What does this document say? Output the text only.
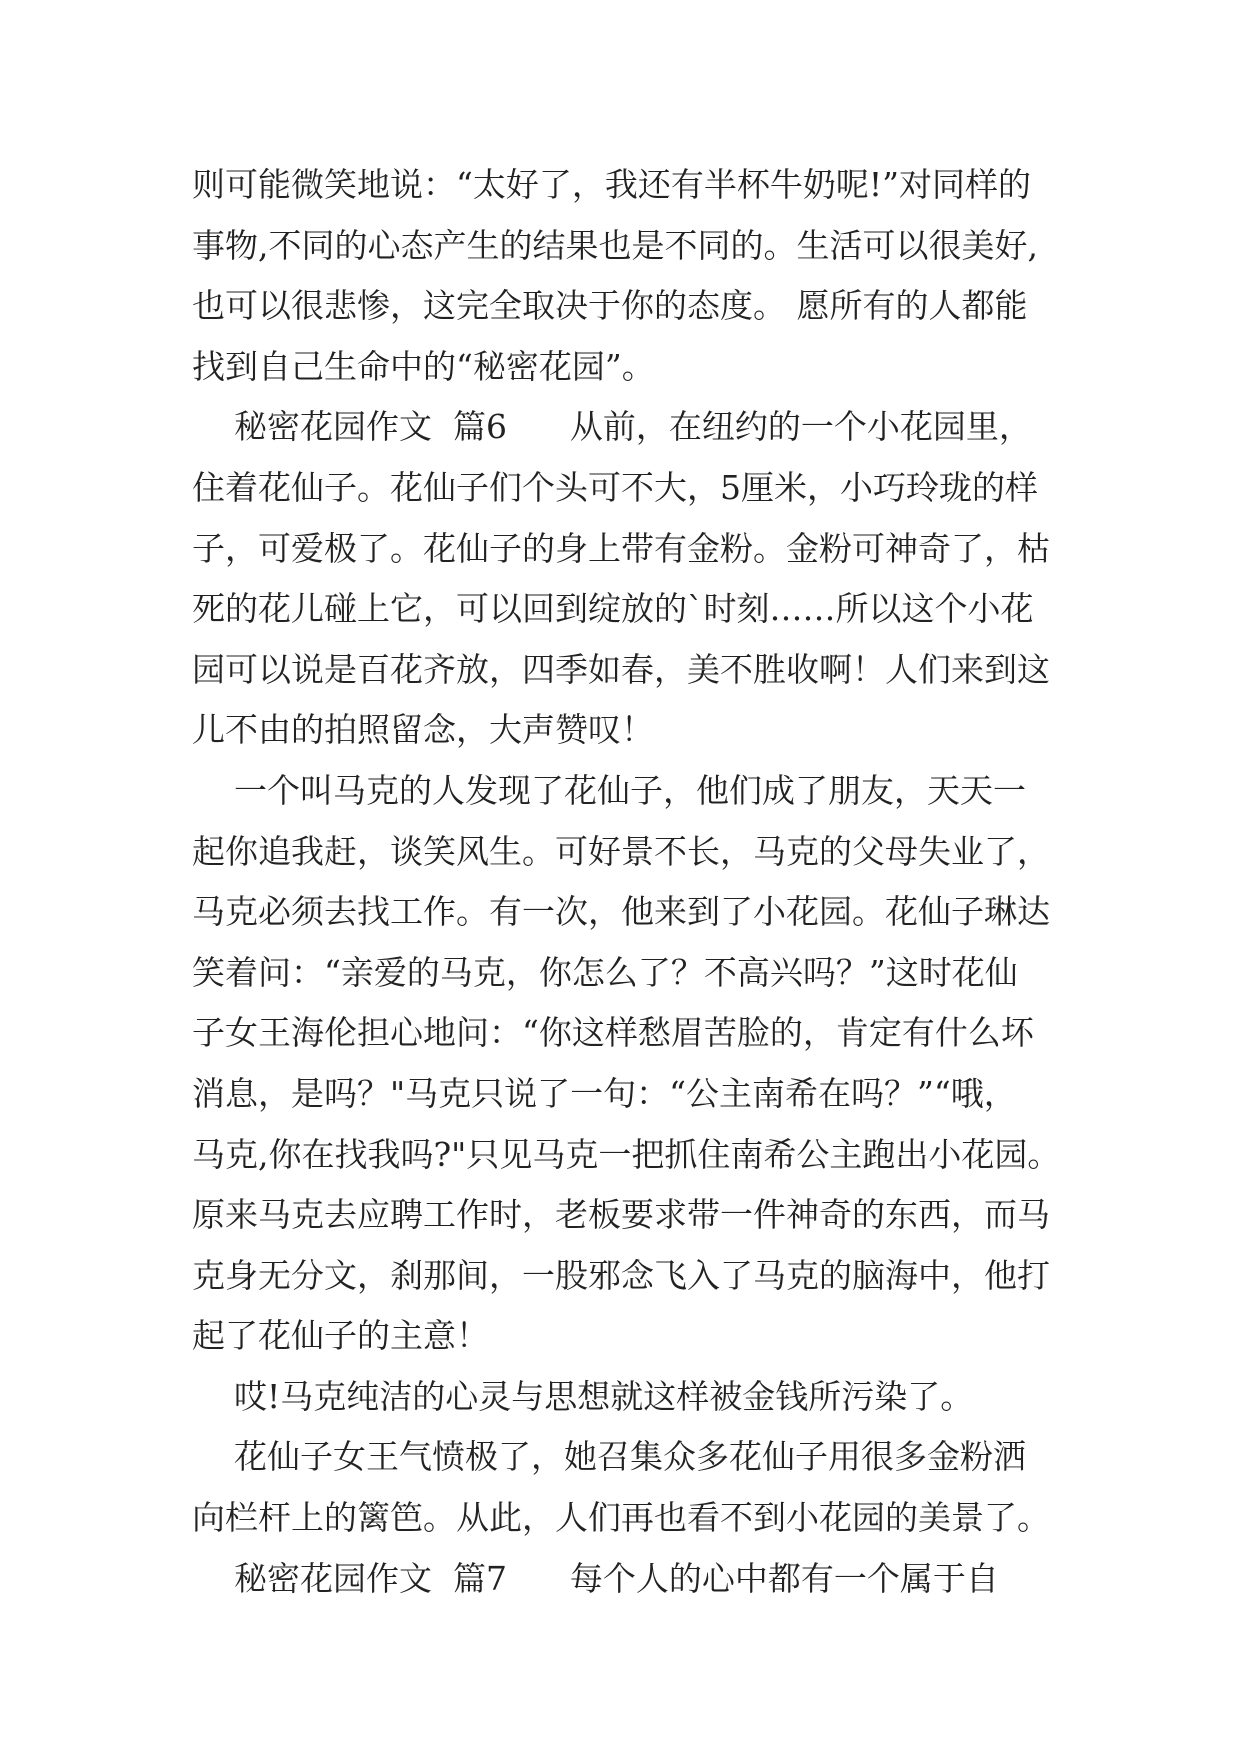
则可能微笑地说：“太好了，我还有半杯牛奶呢!”对同样的
事物,不同的心态产生的结果也是不同的。生活可以很美好,
也可以很悲惨，这完全取决于你的态度。 愿所有的人都能
找到自己生命中的“秘密花园”。
秘密花园作文  篇6      从前，在纽约的一个小花园里，
住着花仙子。花仙子们个头可不大，5厘米，小巧玲珑的样
子，可爱极了。花仙子的身上带有金粉。金粉可神奇了，枯
死的花儿碰上它，可以回到绽放的`时刻……所以这个小花
园可以说是百花齐放，四季如春，美不胜收啊！人们来到这
儿不由的拍照留念，大声赞叹！
一个叫马克的人发现了花仙子，他们成了朋友，天天一
起你追我赶，谈笑风生。可好景不长，马克的父母失业了，
马克必须去找工作。有一次，他来到了小花园。花仙子琳达
笑着问：“亲爱的马克，你怎么了？不高兴吗？”这时花仙
子女王海伦担心地问：“你这样愁眉苦脸的，肯定有什么坏
消息，是吗？"马克只说了一句：“公主南希在吗？”“哦，
马克,你在找我吗?"只见马克一把抓住南希公主跑出小花园。
原来马克去应聘工作时，老板要求带一件神奇的东西，而马
克身无分文，刹那间，一股邪念飞入了马克的脑海中，他打
起了花仙子的主意！
哎!马克纯洁的心灵与思想就这样被金钱所污染了。
花仙子女王气愤极了，她召集众多花仙子用很多金粉洒
向栏杆上的篱笆。从此，人们再也看不到小花园的美景了。
秘密花园作文  篇7      每个人的心中都有一个属于自
